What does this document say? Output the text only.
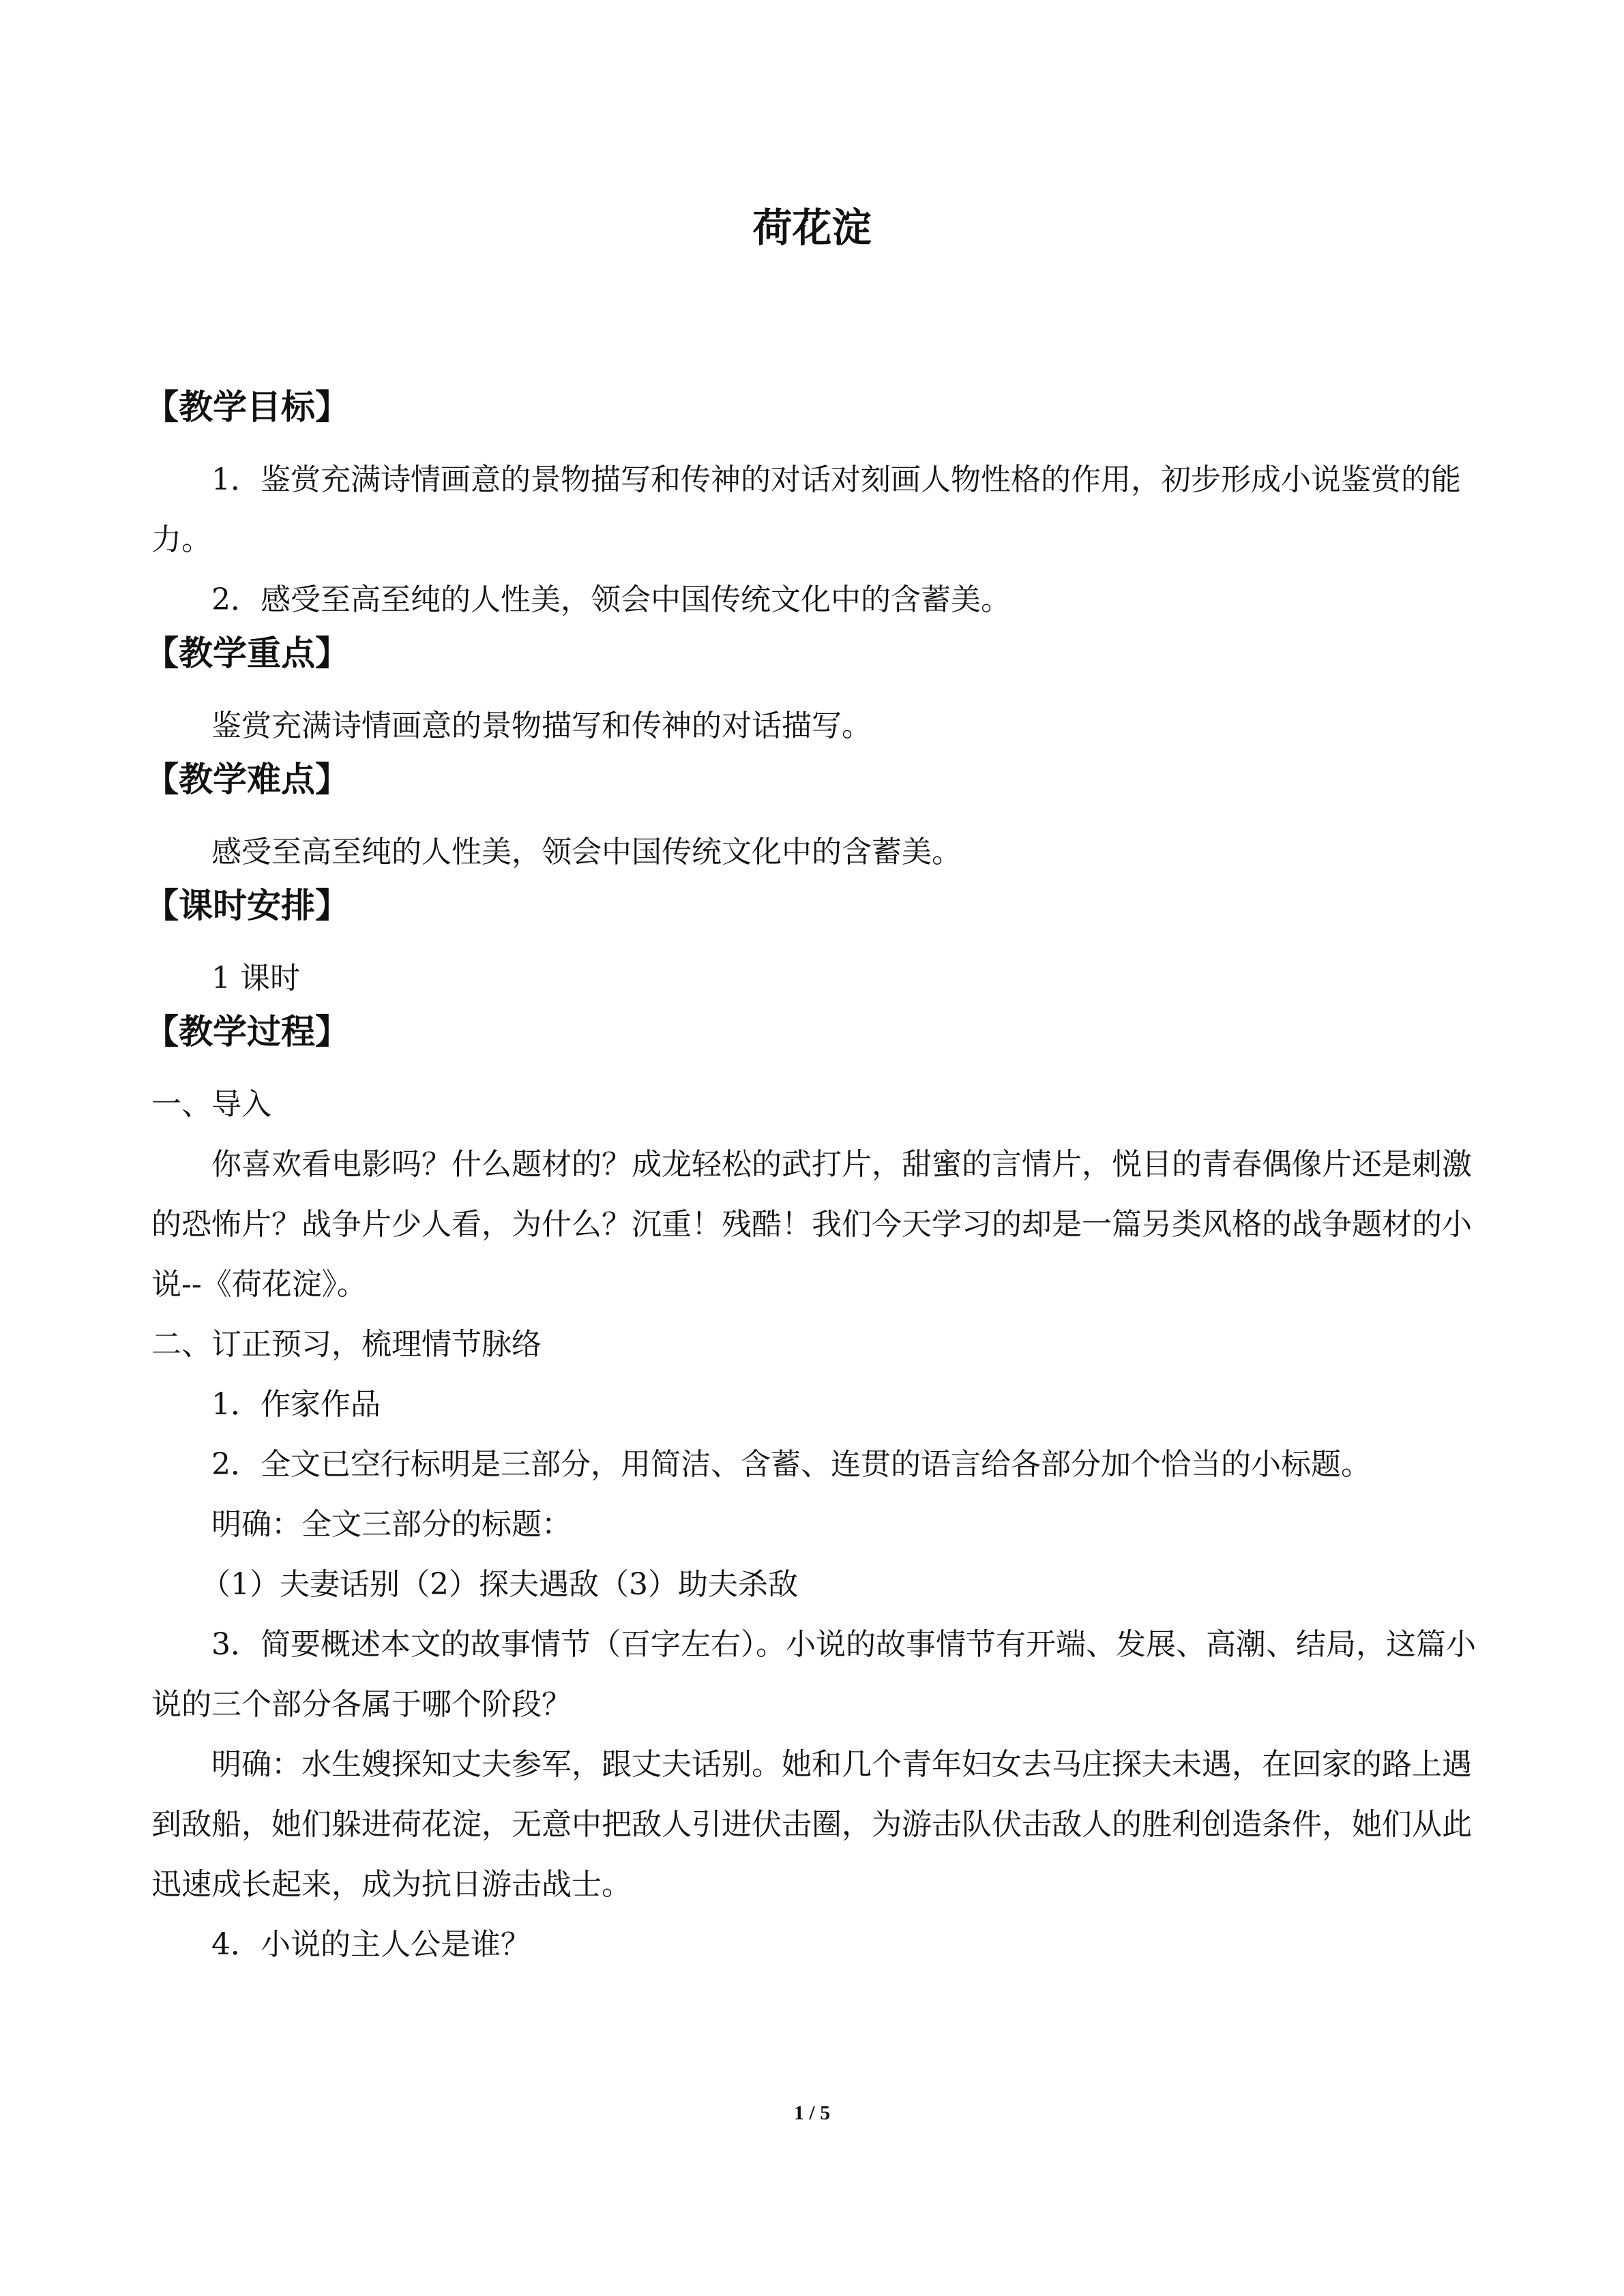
荷花淀
【教学目标】

1．鉴赏充满诗情画意的景物描写和传神的对话对刻画人物性格的作用，初步形成小说鉴赏的能力。

2．感受至高至纯的人性美，领会中国传统文化中的含蓄美。

【教学重点】

鉴赏充满诗情画意的景物描写和传神的对话描写。

【教学难点】

感受至高至纯的人性美，领会中国传统文化中的含蓄美。

【课时安排】

1 课时

【教学过程】

一、导入

你喜欢看电影吗？什么题材的？成龙轻松的武打片，甜蜜的言情片，悦目的青春偶像片还是刺激的恐怖片？战争片少人看，为什么？沉重！残酷！我们今天学习的却是一篇另类风格的战争题材的小说--《荷花淀》。

二、订正预习，梳理情节脉络

1．作家作品

2．全文已空行标明是三部分，用简洁、含蓄、连贯的语言给各部分加个恰当的小标题。

明确：全文三部分的标题：

（1）夫妻话别（2）探夫遇敌（3）助夫杀敌

3．简要概述本文的故事情节（百字左右）。小说的故事情节有开端、发展、高潮、结局，这篇小说的三个部分各属于哪个阶段？

明确：水生嫂探知丈夫参军，跟丈夫话别。她和几个青年妇女去马庄探夫未遇，在回家的路上遇到敌船，她们躲进荷花淀，无意中把敌人引进伏击圈，为游击队伏击敌人的胜利创造条件，她们从此迅速成长起来，成为抗日游击战士。

4．小说的主人公是谁？

1 / 5
